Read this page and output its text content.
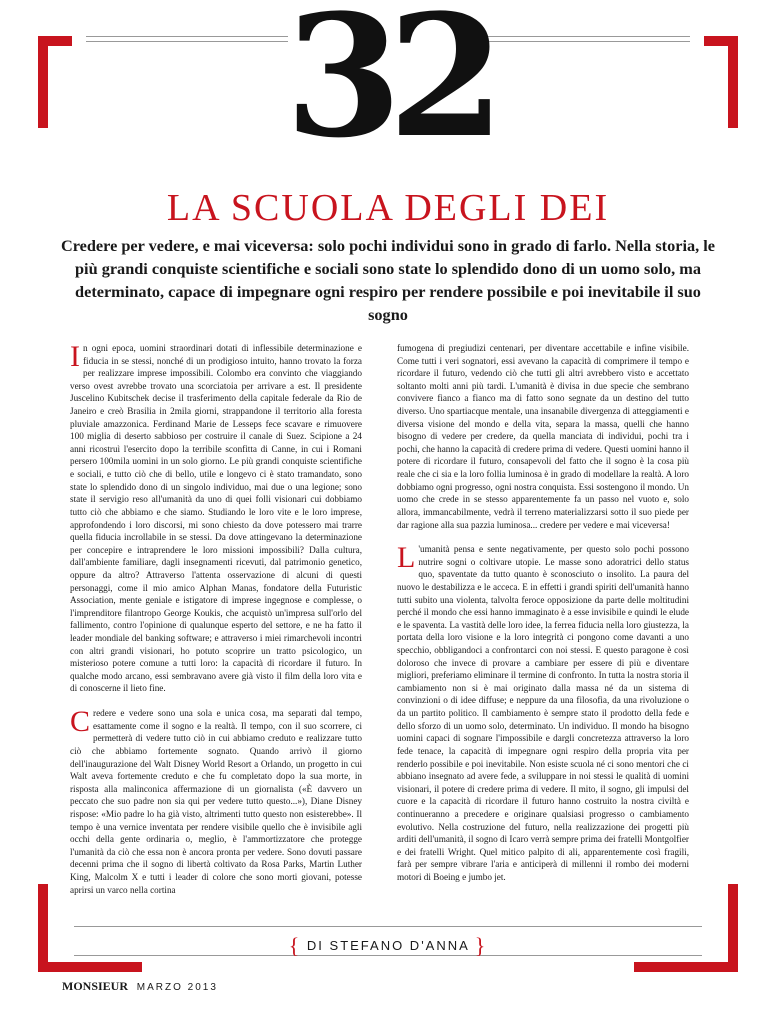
32
LA SCUOLA DEGLI DEI
Credere per vedere, e mai viceversa: solo pochi individui sono in grado di farlo. Nella storia, le più grandi conquiste scientifiche e sociali sono state lo splendido dono di un uomo solo, ma determinato, capace di impegnare ogni respiro per rendere possibile e poi inevitabile il suo sogno

In ogni epoca, uomini straordinari dotati di inflessibile determinazione e fiducia in se stessi, nonché di un prodigioso intuito, hanno trovato la forza per realizzare imprese impossibili. Colombo era convinto che viaggiando verso ovest avrebbe trovato una scorciatoia per arrivare a est. Il presidente Juscelino Kubitschek decise il trasferimento della capitale federale da Rio de Janeiro e creò Brasilia in 2mila giorni, strappandone il territorio alla foresta pluviale amazzonica. Ferdinand Marie de Lesseps fece scavare e rimuovere 100 miglia di deserto sabbioso per costruire il canale di Suez. Scipione a 24 anni ricostruì l'esercito dopo la terribile sconfitta di Canne, in cui i Romani persero 100mila uomini in un solo giorno. Le più grandi conquiste scientifiche e sociali, e tutto ciò che di bello, utile e longevo ci è stato tramandato, sono state lo splendido dono di un singolo individuo, mai due o una legione; sono state il servigio reso all'umanità da uno di quei folli visionari cui dobbiamo tutto ciò che abbiamo e che siamo. Studiando le loro vite e le loro imprese, approfondendo i loro discorsi, mi sono chiesto da dove potessero mai trarre quella fiducia incrollabile in se stessi. Da dove attingevano la determinazione per concepire e intraprendere le loro missioni impossibili? Dalla cultura, dall'ambiente familiare, dagli insegnamenti ricevuti, dal patrimonio genetico, oppure da altro? Attraverso l'attenta osservazione di alcuni di questi personaggi, come il mio amico Alphan Manas, fondatore della Futuristic Association, mente geniale e istigatore di imprese ingegnose e complesse, o l'imprenditore filantropo George Koukis, che acquistò un'impresa sull'orlo del fallimento, contro l'opinione di qualunque esperto del settore, e ne ha fatto il leader mondiale del banking software; e attraverso i miei rimarchevoli incontri con altri grandi visionari, ho potuto scoprire un tratto psicologico, un misterioso potere comune a tutti loro: la capacità di ricordare il futuro. In qualche modo arcano, essi sembravano avere già visto il film della loro vita e di conoscerne il lieto fine.

Credere e vedere sono una sola e unica cosa, ma separati dal tempo, esattamente come il sogno e la realtà. Il tempo, con il suo scorrere, ci permetterà di vedere tutto ciò in cui abbiamo creduto e realizzare tutto ciò che abbiamo fortemente sognato. Quando arrivò il giorno dell'inaugurazione del Walt Disney World Resort a Orlando, un progetto in cui Walt aveva fortemente creduto e che fu completato dopo la sua morte, in risposta alla malinconica affermazione di un giornalista («È davvero un peccato che suo padre non sia qui per vedere tutto questo...»), Diane Disney rispose: «Mio padre lo ha già visto, altrimenti tutto questo non esisterebbe». Il tempo è una vernice inventata per rendere visibile quello che è invisibile agli occhi della gente ordinaria o, meglio, è l'ammortizzatore che protegge l'umanità da ciò che essa non è ancora pronta per vedere. Sono dovuti passare decenni prima che il sogno di libertà coltivato da Rosa Parks, Martin Luther King, Malcolm X e tutti i leader di colore che sono morti giovani, potesse aprirsi un varco nella cortina

fumogena di pregiudizi centenari, per diventare accettabile e infine visibile. Come tutti i veri sognatori, essi avevano la capacità di comprimere il tempo e ricordare il futuro, vedendo ciò che tutti gli altri avrebbero visto e accettato soltanto molti anni più tardi. L'umanità è divisa in due specie che sembrano convivere fianco a fianco ma di fatto sono segnate da un destino del tutto diverso. Uno spartiacque mentale, una insanabile divergenza di atteggiamenti e diversa visione del mondo e della vita, separa la massa, quelli che hanno bisogno di vedere per credere, da quella manciata di individui, pochi tra i pochi, che hanno la capacità di credere prima di vedere. Questi uomini hanno il potere di ricordare il futuro, consapevoli del fatto che il sogno è la cosa più reale che ci sia e la loro follia luminosa è in grado di modellare la realtà. A loro dobbiamo ogni progresso, ogni nostra conquista. Essi sostengono il mondo. Un uomo che crede in se stesso apparentemente fa un passo nel vuoto e, solo allora, immancabilmente, vedrà il terreno materializzarsi sotto il suo piede per dar ragione alla sua pazzia luminosa... credere per vedere e mai viceversa!

L 'umanità pensa e sente negativamente, per questo solo pochi possono nutrire sogni o coltivare utopie. Le masse sono adoratrici dello status quo, spaventate da tutto quanto è sconosciuto o insolito. La paura del nuovo le destabilizza e le acceca. E in effetti i grandi spiriti dell'umanità hanno tutti subito una violenta, talvolta feroce opposizione da parte delle moltitudini perché il mondo che essi hanno immaginato è a esse invisibile e quindi le elude e le spaventa. La vastità delle loro idee, la ferrea fiducia nella loro giustezza, la portata della loro visione e la loro integrità ci pongono come davanti a uno specchio, obbligandoci a confrontarci con noi stessi. E questo paragone è così doloroso che invece di provare a cambiare per essere di più e diventare migliori, preferiamo eliminare il termine di confronto. In tutta la nostra storia il cambiamento non si è mai originato dalla massa né da un sistema di convinzioni o di idee diffuse; e neppure da una filosofia, da una rivoluzione o da un partito politico. Il cambiamento è sempre stato il prodotto della fede e dello sforzo di un uomo solo, determinato. Un individuo. Il mondo ha bisogno uomini capaci di sognare l'impossibile e dargli concretezza attraverso la loro fede tenace, la capacità di impegnare ogni respiro della propria vita per renderlo possibile e poi inevitabile. Non esiste scuola né ci sono mentori che ci abbiano insegnato ad avere fede, a sviluppare in noi stessi le qualità di uomini visionari, il potere di credere prima di vedere. Il mito, il sogno, gli impulsi del cuore e la capacità di ricordare il futuro hanno costruito la nostra civiltà e continueranno a precedere e originare qualsiasi progresso o cambiamento evolutivo. Nella costruzione del futuro, nella realizzazione dei progetti più arditi dell'umanità, il sogno di Icaro verrà sempre prima dei fratelli Montgolfier e dei fratelli Wright. Quel mitico palpito di ali, apparentemente così fragili, farà per sempre vibrare l'aria e anticiperà di millenni il rombo dei moderni motori di Boeing e jumbo jet.

{ DI STEFANO D'ANNA }
MONSIEUR MARZO 2013
